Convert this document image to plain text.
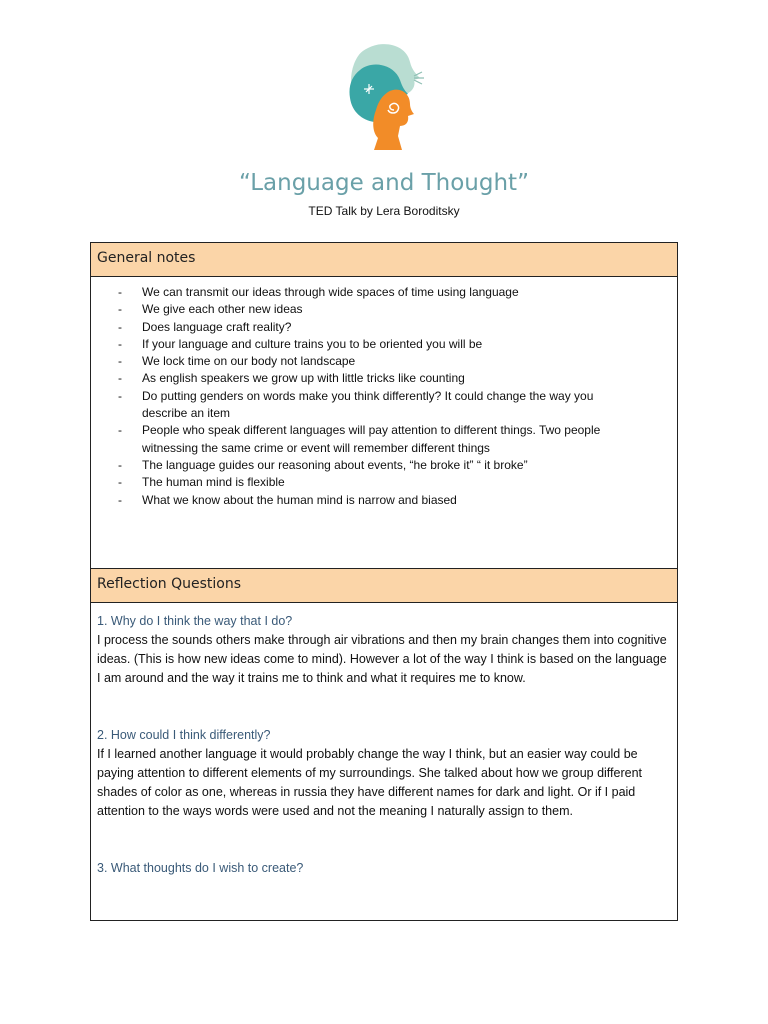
“Language and Thought”
TED Talk by Lera Boroditsky
General notes
- We can transmit our ideas through wide spaces of time using language
- We give each other new ideas
- Does language craft reality?
- If your language and culture trains you to be oriented you will be
- We lock time on our body not landscape
- As english speakers we grow up with little tricks like counting
- Do putting genders on words make you think differently? It could change the way you describe an item
- People who speak different languages will pay attention to different things. Two people witnessing the same crime or event will remember different things
- The language guides our reasoning about events, “he broke it” “ it broke”
- The human mind is flexible
- What we know about the human mind is narrow and biased
Reflection Questions
1. Why do I think the way that I do?
I process the sounds others make through air vibrations and then my brain changes them into cognitive ideas. (This is how new ideas come to mind). However a lot of the way I think is based on the language I am around and the way it trains me to think and what it requires me to know.
2. How could I think differently?
If I learned another language it would probably change the way I think, but an easier way could be paying attention to different elements of my surroundings. She talked about how we group different shades of color as one, whereas in russia they have different names for dark and light. Or if I paid attention to the ways words were used and not the meaning I naturally assign to them.
3. What thoughts do I wish to create?
